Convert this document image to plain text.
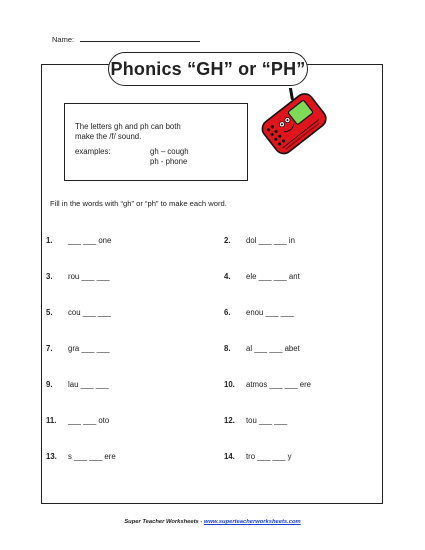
Name:
Phonics “GH” or “PH”
The letters gh and ph can both
make the /f/ sound.
examples:	gh – cough
ph - phone
Fill in the words with “gh” or “ph” to make each word.
1.	___ ___ one	2.	dol ___ ___ in
3.	rou ___ ___	4.	ele ___ ___ ant
5.	cou ___ ___	6.	enou ___ ___
7.	gra ___ ___	8.	al ___ ___ abet
9.	lau ___ ___	10.	atmos ___ ___ ere
11.	___ ___ oto	12.	tou ___ ___
13.	s ___ ___ ere	14.	tro ___ ___ y
Super Teacher Worksheets - www.superteacherworksheets.com
